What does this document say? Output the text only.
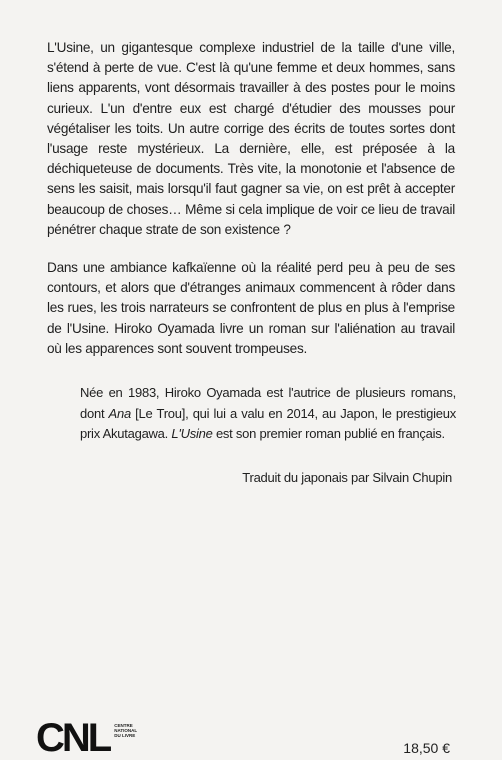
L'Usine, un gigantesque complexe industriel de la taille d'une ville, s'étend à perte de vue. C'est là qu'une femme et deux hommes, sans liens apparents, vont désormais travailler à des postes pour le moins curieux. L'un d'entre eux est chargé d'étudier des mousses pour végétaliser les toits. Un autre corrige des écrits de toutes sortes dont l'usage reste mystérieux. La dernière, elle, est préposée à la déchiqueteuse de documents. Très vite, la monotonie et l'absence de sens les saisit, mais lorsqu'il faut gagner sa vie, on est prêt à accepter beaucoup de choses… Même si cela implique de voir ce lieu de travail pénétrer chaque strate de son existence ?

Dans une ambiance kafkaïenne où la réalité perd peu à peu de ses contours, et alors que d'étranges animaux commencent à rôder dans les rues, les trois narrateurs se confrontent de plus en plus à l'emprise de l'Usine. Hiroko Oyamada livre un roman sur l'aliénation au travail où les apparences sont souvent trompeuses.

Née en 1983, Hiroko Oyamada est l'autrice de plusieurs romans, dont Ana [Le Trou], qui lui a valu en 2014, au Japon, le prestigieux prix Akutagawa. L'Usine est son premier roman publié en français.

Traduit du japonais par Silvain Chupin
CNL CENTRE
NATIONAL
DU LIVRE
18,50 €
